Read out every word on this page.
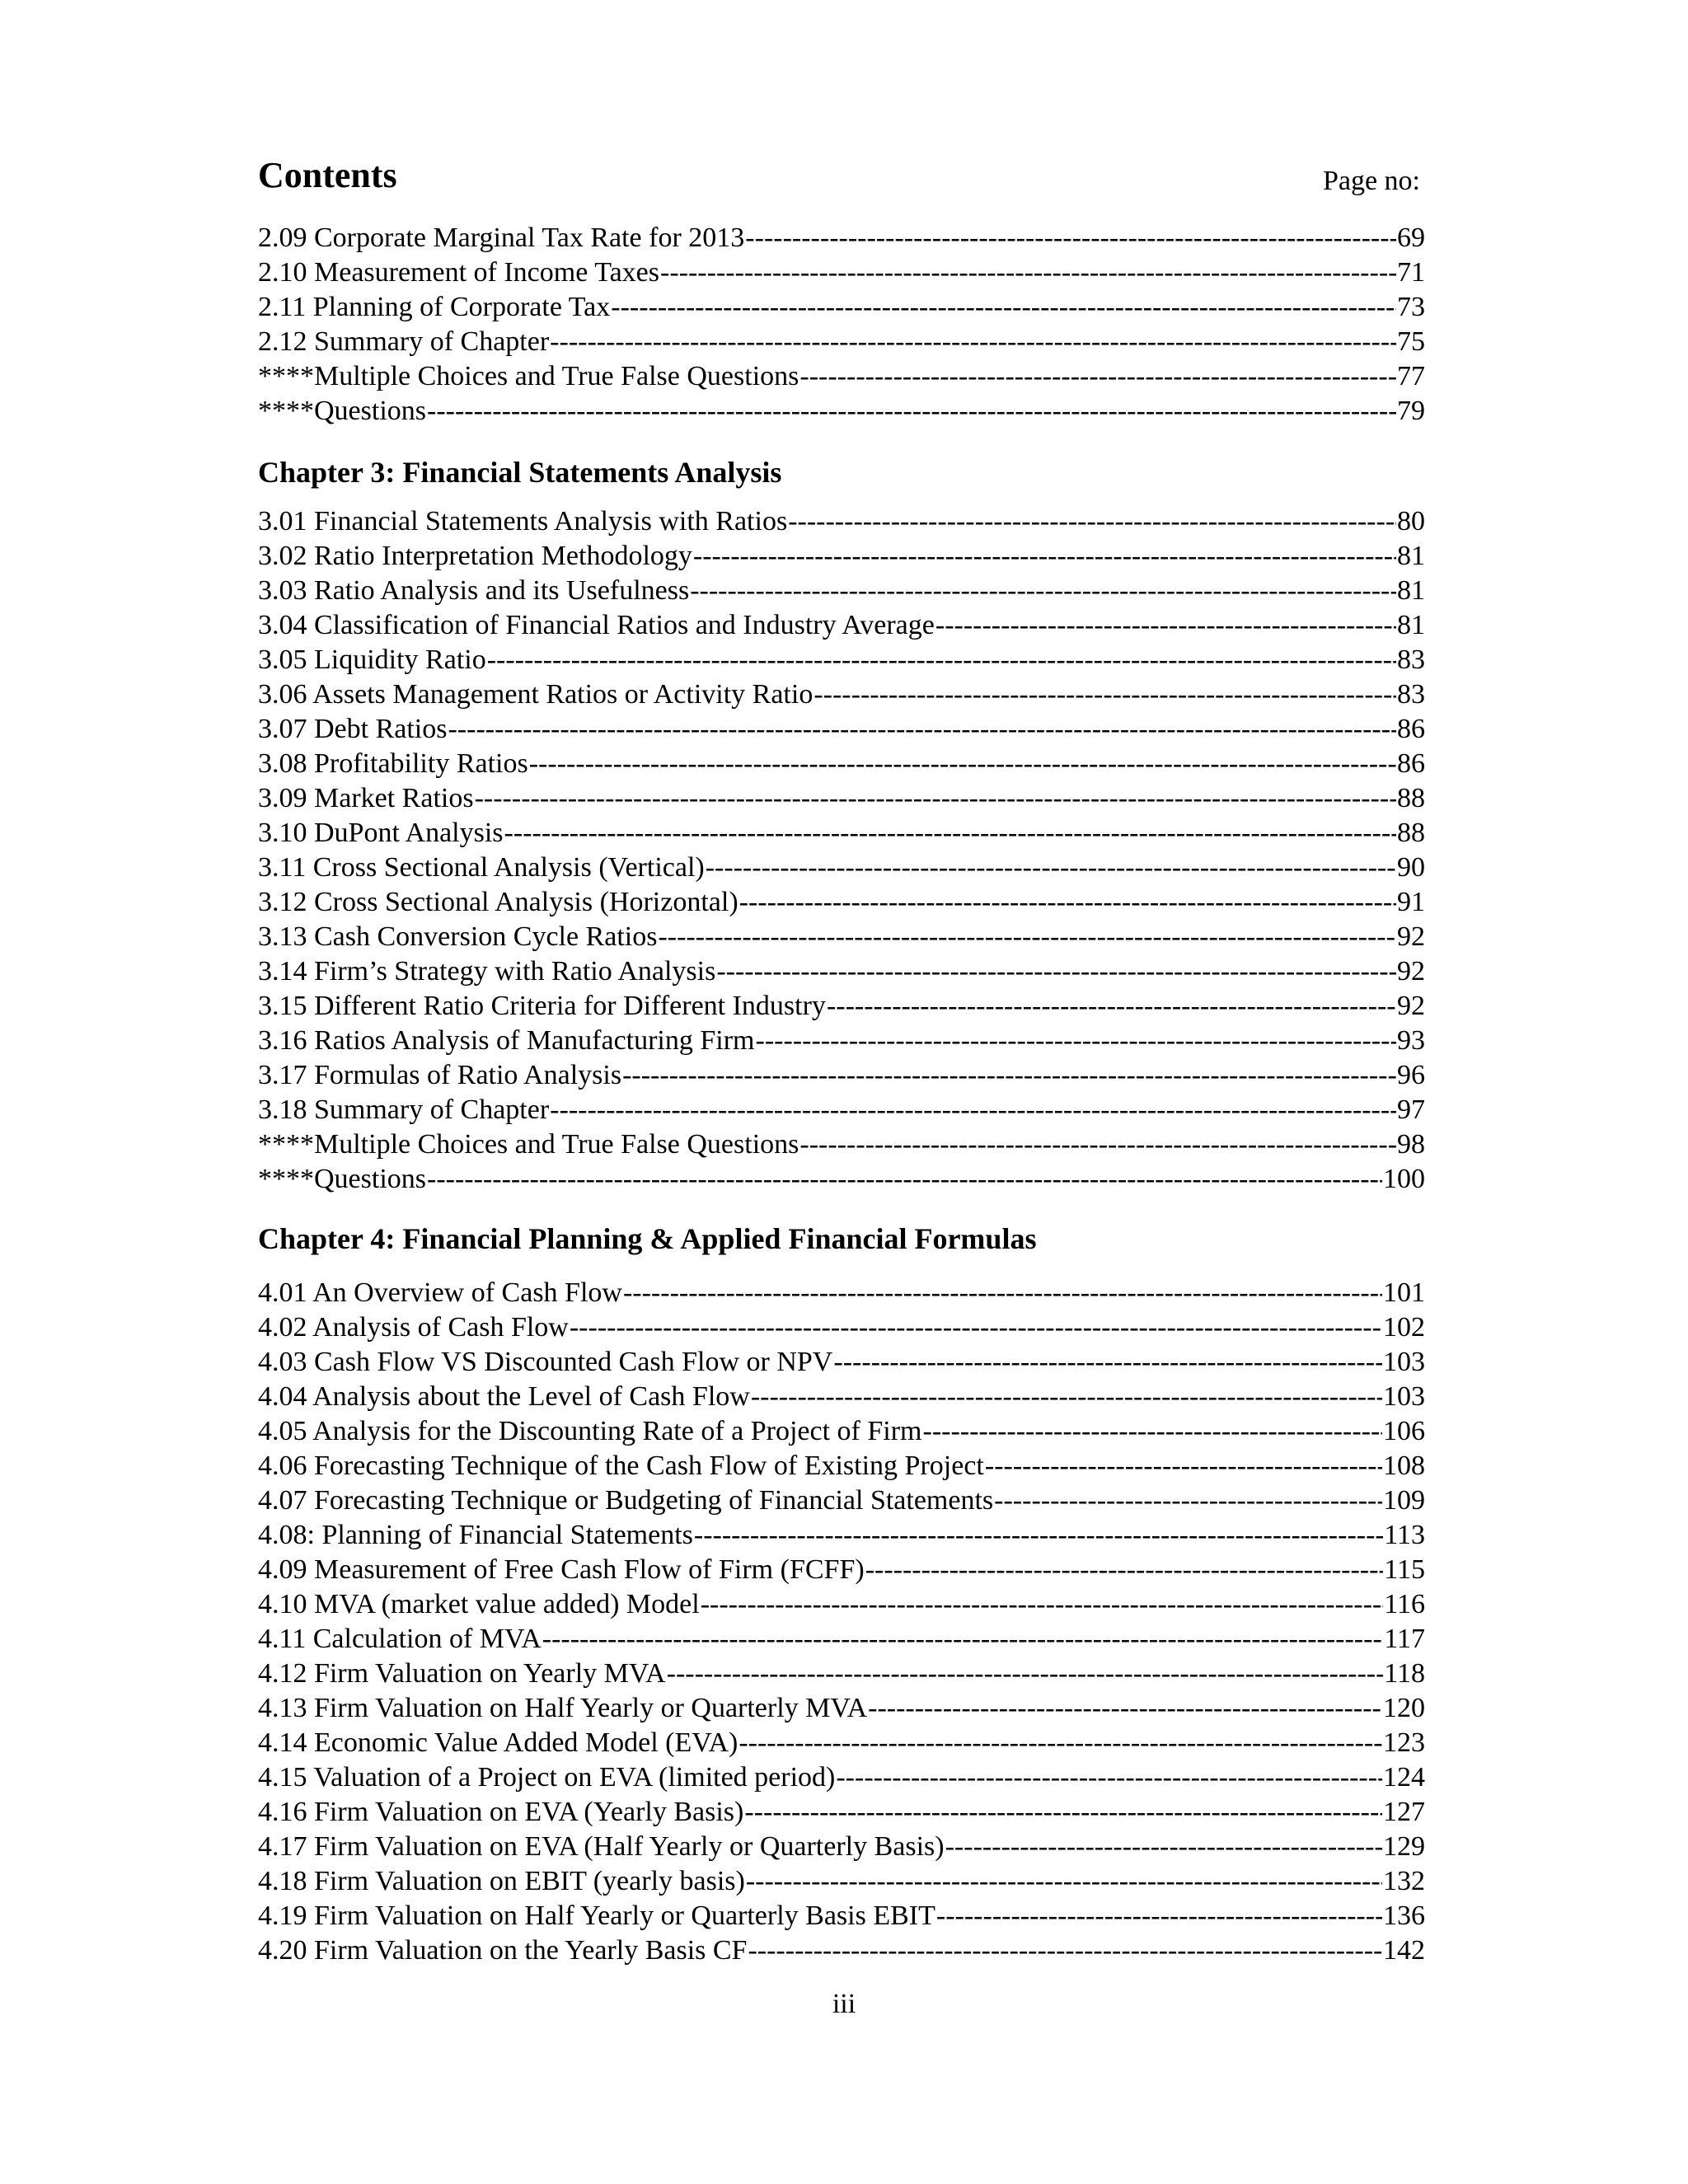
Contents	Page no:
2.09 Corporate Marginal Tax Rate for 2013 -----	69
2.10 Measurement of Income Taxes -----	71
2.11 Planning of Corporate Tax -----	73
2.12 Summary of Chapter -----	75
****Multiple Choices and True False Questions -----	77
****Questions -----	79
Chapter 3: Financial Statements Analysis
3.01 Financial Statements Analysis with Ratios -----	80
3.02 Ratio Interpretation Methodology -----	81
3.03 Ratio Analysis and its Usefulness -----	81
3.04 Classification of Financial Ratios and Industry Average -----	81
3.05 Liquidity Ratio -----	83
3.06 Assets Management Ratios or Activity Ratio -----	83
3.07 Debt Ratios -----	86
3.08 Profitability Ratios -----	86
3.09 Market Ratios -----	88
3.10 DuPont Analysis -----	88
3.11 Cross Sectional Analysis (Vertical) -----	90
3.12 Cross Sectional Analysis (Horizontal) -----	91
3.13 Cash Conversion Cycle Ratios -----	92
3.14 Firm’s Strategy with Ratio Analysis -----	92
3.15 Different Ratio Criteria for Different Industry -----	92
3.16 Ratios Analysis of Manufacturing Firm -----	93
3.17 Formulas of Ratio Analysis -----	96
3.18 Summary of Chapter -----	97
****Multiple Choices and True False Questions -----	98
****Questions -----	100
Chapter 4: Financial Planning & Applied Financial Formulas
4.01 An Overview of Cash Flow -----	101
4.02 Analysis of Cash Flow -----	102
4.03 Cash Flow VS Discounted Cash Flow or NPV -----	103
4.04 Analysis about the Level of Cash Flow -----	103
4.05 Analysis for the Discounting Rate of a Project of Firm -----	106
4.06 Forecasting Technique of the Cash Flow of Existing Project -----	108
4.07 Forecasting Technique or Budgeting of Financial Statements -----	109
4.08: Planning of Financial Statements -----	113
4.09 Measurement of Free Cash Flow of Firm (FCFF) -----	115
4.10 MVA (market value added) Model -----	116
4.11 Calculation of MVA -----	117
4.12 Firm Valuation on Yearly MVA -----	118
4.13 Firm Valuation on Half Yearly or Quarterly MVA -----	120
4.14 Economic Value Added Model (EVA) -----	123
4.15 Valuation of a Project on EVA (limited period) -----	124
4.16 Firm Valuation on EVA (Yearly Basis) -----	127
4.17 Firm Valuation on EVA (Half Yearly or Quarterly Basis) -----	129
4.18 Firm Valuation on EBIT (yearly basis) -----	132
4.19 Firm Valuation on Half Yearly or Quarterly Basis EBIT -----	136
4.20 Firm Valuation on the Yearly Basis CF -----	142
iii
